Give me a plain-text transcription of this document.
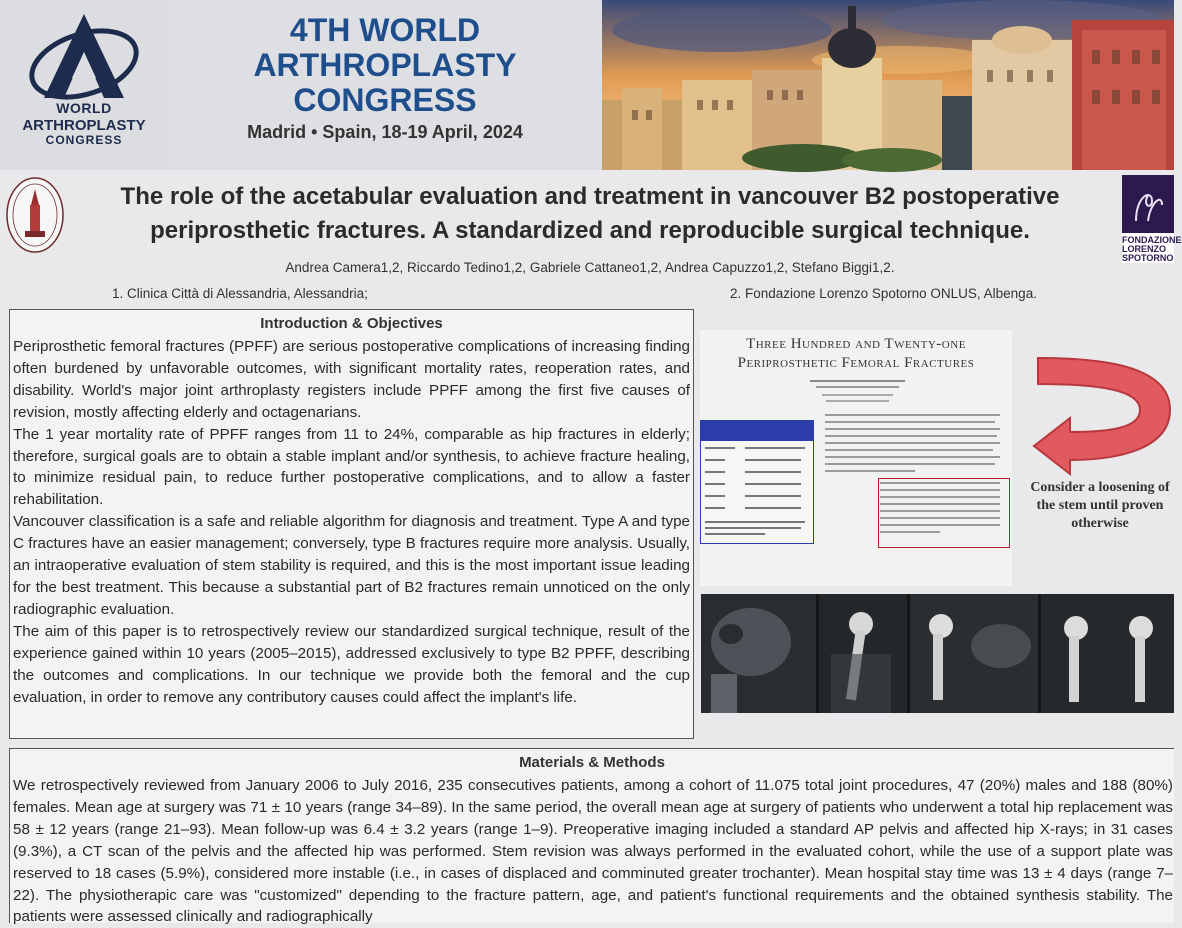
WORLD
ARTHROPLASTY
CONGRESS
4TH WORLD
ARTHROPLASTY
CONGRESS
Madrid • Spain, 18-19 April, 2024
FONDAZIONE
LORENZO
SPOTORNO
The role of the acetabular evaluation and treatment in vancouver B2 postoperative
periprosthetic fractures. A standardized and reproducible surgical technique.
Andrea Camera1,2, Riccardo Tedino1,2, Gabriele Cattaneo1,2, Andrea Capuzzo1,2, Stefano Biggi1,2.
1. Clinica Città di Alessandria, Alessandria;	2. Fondazione Lorenzo Spotorno ONLUS, Albenga.
Introduction & Objectives

Periprosthetic femoral fractures (PPFF) are serious postoperative complications of increasing finding often burdened by unfavorable outcomes, with significant mortality rates, reoperation rates, and disability. World's major joint arthroplasty registers include PPFF among the first five causes of revision, mostly affecting elderly and octagenarians.

The 1 year mortality rate of PPFF ranges from 11 to 24%, comparable as hip fractures in elderly; therefore, surgical goals are to obtain a stable implant and/or synthesis, to achieve fracture healing, to minimize residual pain, to reduce further postoperative complications, and to allow a faster rehabilitation.

Vancouver classification is a safe and reliable algorithm for diagnosis and treatment. Type A and type C fractures have an easier management; conversely, type B fractures require more analysis. Usually, an intraoperative evaluation of stem stability is required, and this is the most important issue leading for the best treatment. This because a substantial part of B2 fractures remain unnoticed on the only radiographic evaluation.

The aim of this paper is to retrospectively review our standardized surgical technique, result of the experience gained within 10 years (2005–2015), addressed exclusively to type B2 PPFF, describing the outcomes and complications. In our technique we provide both the femoral and the cup evaluation, in order to remove any contributory causes could affect the implant's life.

Three Hundred and Twenty-one
Periprosthetic Femoral Fractures
Consider a loosening of
the stem until proven
otherwise
Materials & Methods
We retrospectively reviewed from January 2006 to July 2016, 235 consecutives patients, among a cohort of 11.075 total joint procedures, 47 (20%) males and 188 (80%) females. Mean age at surgery was 71 ± 10 years (range 34–89). In the same period, the overall mean age at surgery of patients who underwent a total hip replacement was 58 ± 12 years (range 21–93). Mean follow-up was 6.4 ± 3.2 years (range 1–9). Preoperative imaging included a standard AP pelvis and affected hip X-rays; in 31 cases (9.3%), a CT scan of the pelvis and the affected hip was performed. Stem revision was always performed in the evaluated cohort, while the use of a support plate was reserved to 18 cases (5.9%), considered more instable (i.e., in cases of displaced and comminuted greater trochanter). Mean hospital stay time was 13 ± 4 days (range 7–22). The physiotherapic care was "customized" depending to the fracture pattern, age, and patient's functional requirements and the obtained synthesis stability. The patients were assessed clinically and radiographically
